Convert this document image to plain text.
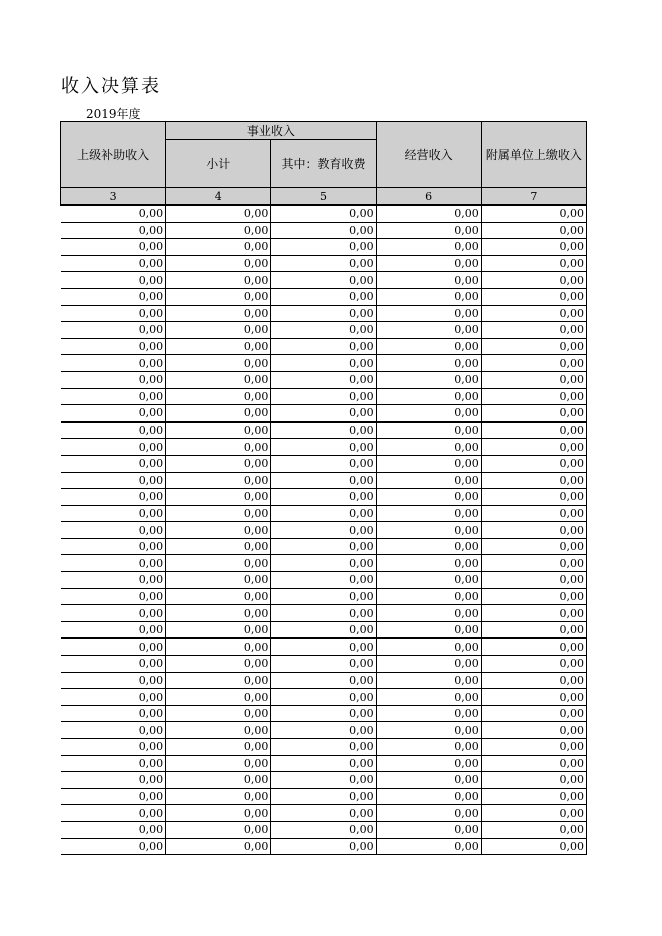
收入决算表
2019年度
上级补助收入	事业收入		经营收入	附属单位上缴收入
	小计	其中：教育收费		
3	4	5	6	7
0,00	0,00	0,00	0,00	0,00
0,00	0,00	0,00	0,00	0,00
0,00	0,00	0,00	0,00	0,00
0,00	0,00	0,00	0,00	0,00
0,00	0,00	0,00	0,00	0,00
0,00	0,00	0,00	0,00	0,00
0,00	0,00	0,00	0,00	0,00
0,00	0,00	0,00	0,00	0,00
0,00	0,00	0,00	0,00	0,00
0,00	0,00	0,00	0,00	0,00
0,00	0,00	0,00	0,00	0,00
0,00	0,00	0,00	0,00	0,00
0,00	0,00	0,00	0,00	0,00
0,00	0,00	0,00	0,00	0,00
0,00	0,00	0,00	0,00	0,00
0,00	0,00	0,00	0,00	0,00
0,00	0,00	0,00	0,00	0,00
0,00	0,00	0,00	0,00	0,00
0,00	0,00	0,00	0,00	0,00
0,00	0,00	0,00	0,00	0,00
0,00	0,00	0,00	0,00	0,00
0,00	0,00	0,00	0,00	0,00
0,00	0,00	0,00	0,00	0,00
0,00	0,00	0,00	0,00	0,00
0,00	0,00	0,00	0,00	0,00
0,00	0,00	0,00	0,00	0,00
0,00	0,00	0,00	0,00	0,00
0,00	0,00	0,00	0,00	0,00
0,00	0,00	0,00	0,00	0,00
0,00	0,00	0,00	0,00	0,00
0,00	0,00	0,00	0,00	0,00
0,00	0,00	0,00	0,00	0,00
0,00	0,00	0,00	0,00	0,00
0,00	0,00	0,00	0,00	0,00
0,00	0,00	0,00	0,00	0,00
0,00	0,00	0,00	0,00	0,00
0,00	0,00	0,00	0,00	0,00
0,00	0,00	0,00	0,00	0,00
0,00	0,00	0,00	0,00	0,00
